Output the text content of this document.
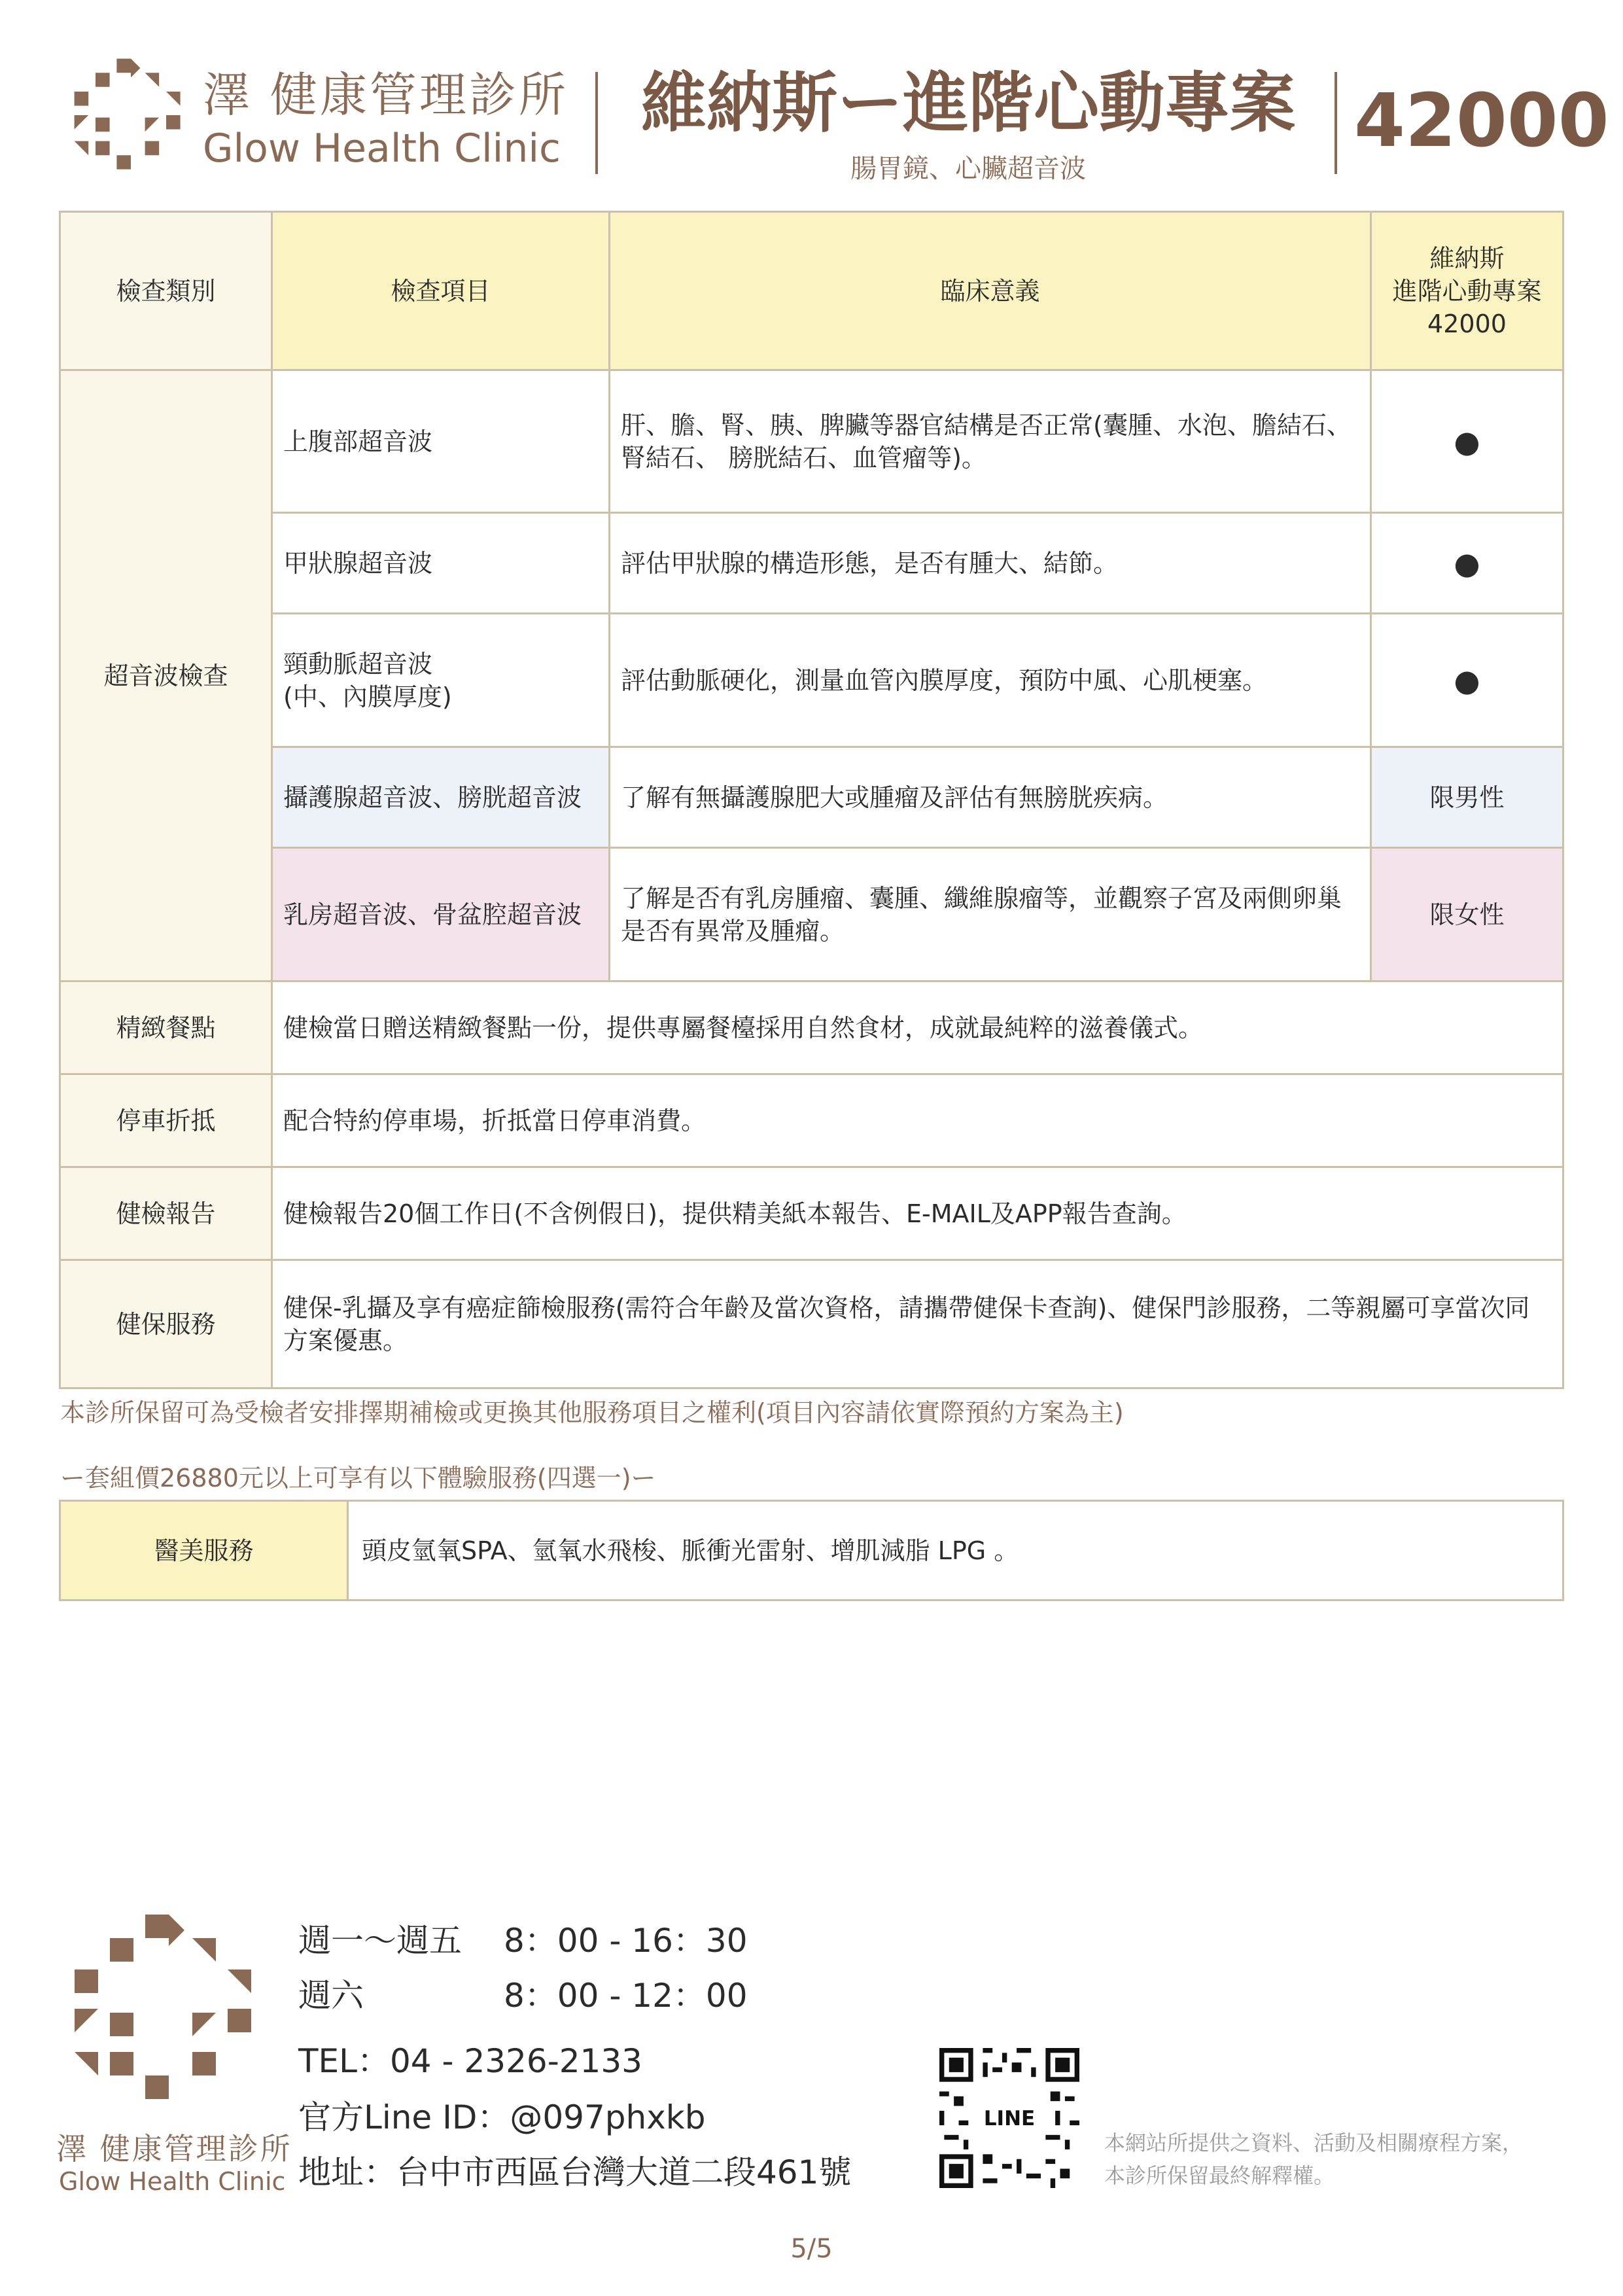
澤 健康管理診所
Glow Health Clinic
維納斯ー進階心動專案
腸胃鏡、心臟超音波
42000
檢查類別	檢查項目	臨床意義	維納斯
進階心動專案
42000

超音波檢查	上腹部超音波	肝、膽、腎、胰、脾臟等器官結構是否正常(囊腫、水泡、膽結石、腎結石、 膀胱結石、血管瘤等)。	●
	甲狀腺超音波	評估甲狀腺的構造形態，是否有腫大、結節。	●
	頸動脈超音波
(中、內膜厚度)	評估動脈硬化，測量血管內膜厚度，預防中風、心肌梗塞。	●
	攝護腺超音波、膀胱超音波	了解有無攝護腺肥大或腫瘤及評估有無膀胱疾病。	限男性
	乳房超音波、骨盆腔超音波	了解是否有乳房腫瘤、囊腫、纖維腺瘤等，並觀察子宮及兩側卵巢是否有異常及腫瘤。	限女性
精緻餐點	健檢當日贈送精緻餐點一份，提供專屬餐檯採用自然食材，成就最純粹的滋養儀式。		
停車折抵	配合特約停車場，折抵當日停車消費。		
健檢報告	健檢報告20個工作日(不含例假日)，提供精美紙本報告、E-MAIL及APP報告查詢。		
健保服務	健保-乳攝及享有癌症篩檢服務(需符合年齡及當次資格，請攜帶健保卡查詢)、健保門診服務，二等親屬可享當次同方案優惠。		
本診所保留可為受檢者安排擇期補檢或更換其他服務項目之權利(項目內容請依實際預約方案為主)
ー套組價26880元以上可享有以下體驗服務(四選一)ー
醫美服務	頭皮氫氧SPA、氫氧水飛梭、脈衝光雷射、增肌減脂 LPG 。
澤 健康管理診所
Glow Health Clinic
週一～週五 8：00 - 16：30
週六	8：00 - 12：00
TEL：04 - 2326-2133
官方Line ID：@097phxkb
地址：台中市西區台灣大道二段461號
LINE
本網站所提供之資料、活動及相關療程方案，
本診所保留最終解釋權。
5/5
